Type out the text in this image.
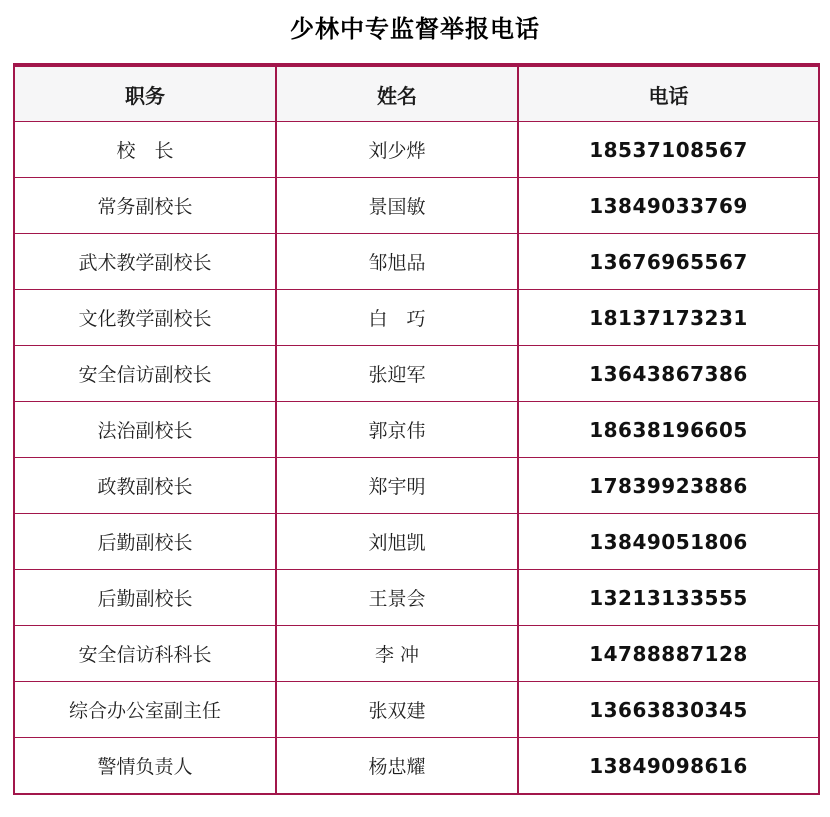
少林中专监督举报电话
职务	姓名	电话
校　长	刘少烨	18537108567
常务副校长	景国敏	13849033769
武术教学副校长	邹旭品	13676965567
文化教学副校长	白　巧	18137173231
安全信访副校长	张迎军	13643867386
法治副校长	郭京伟	18638196605
政教副校长	郑宇明	17839923886
后勤副校长	刘旭凯	13849051806
后勤副校长	王景会	13213133555
安全信访科科长	李 冲	14788887128
综合办公室副主任	张双建	13663830345
警情负责人	杨忠耀	13849098616
